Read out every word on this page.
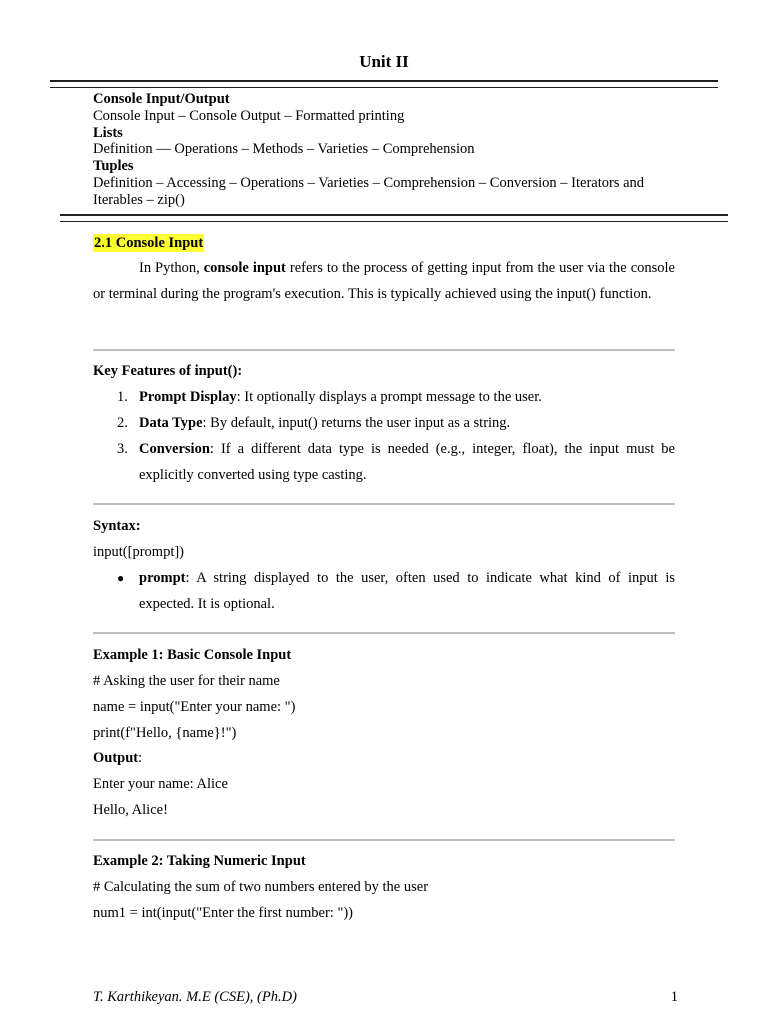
Unit II
Console Input/Output
Console Input – Console Output – Formatted printing
Lists
Definition –– Operations – Methods – Varieties – Comprehension
Tuples
Definition – Accessing – Operations – Varieties – Comprehension – Conversion – Iterators and Iterables – zip()
2.1 Console Input
In Python, console input refers to the process of getting input from the user via the console or terminal during the program's execution. This is typically achieved using the input() function.
Key Features of input():
1. Prompt Display: It optionally displays a prompt message to the user.
2. Data Type: By default, input() returns the user input as a string.
3. Conversion: If a different data type is needed (e.g., integer, float), the input must be explicitly converted using type casting.
Syntax:
input([prompt])
● prompt: A string displayed to the user, often used to indicate what kind of input is expected. It is optional.
Example 1: Basic Console Input
# Asking the user for their name
name = input("Enter your name: ")
print(f"Hello, {name}!")
Output:
Enter your name: Alice
Hello, Alice!
Example 2: Taking Numeric Input
# Calculating the sum of two numbers entered by the user
num1 = int(input("Enter the first number: "))
T. Karthikeyan. M.E (CSE), (Ph.D)	1
